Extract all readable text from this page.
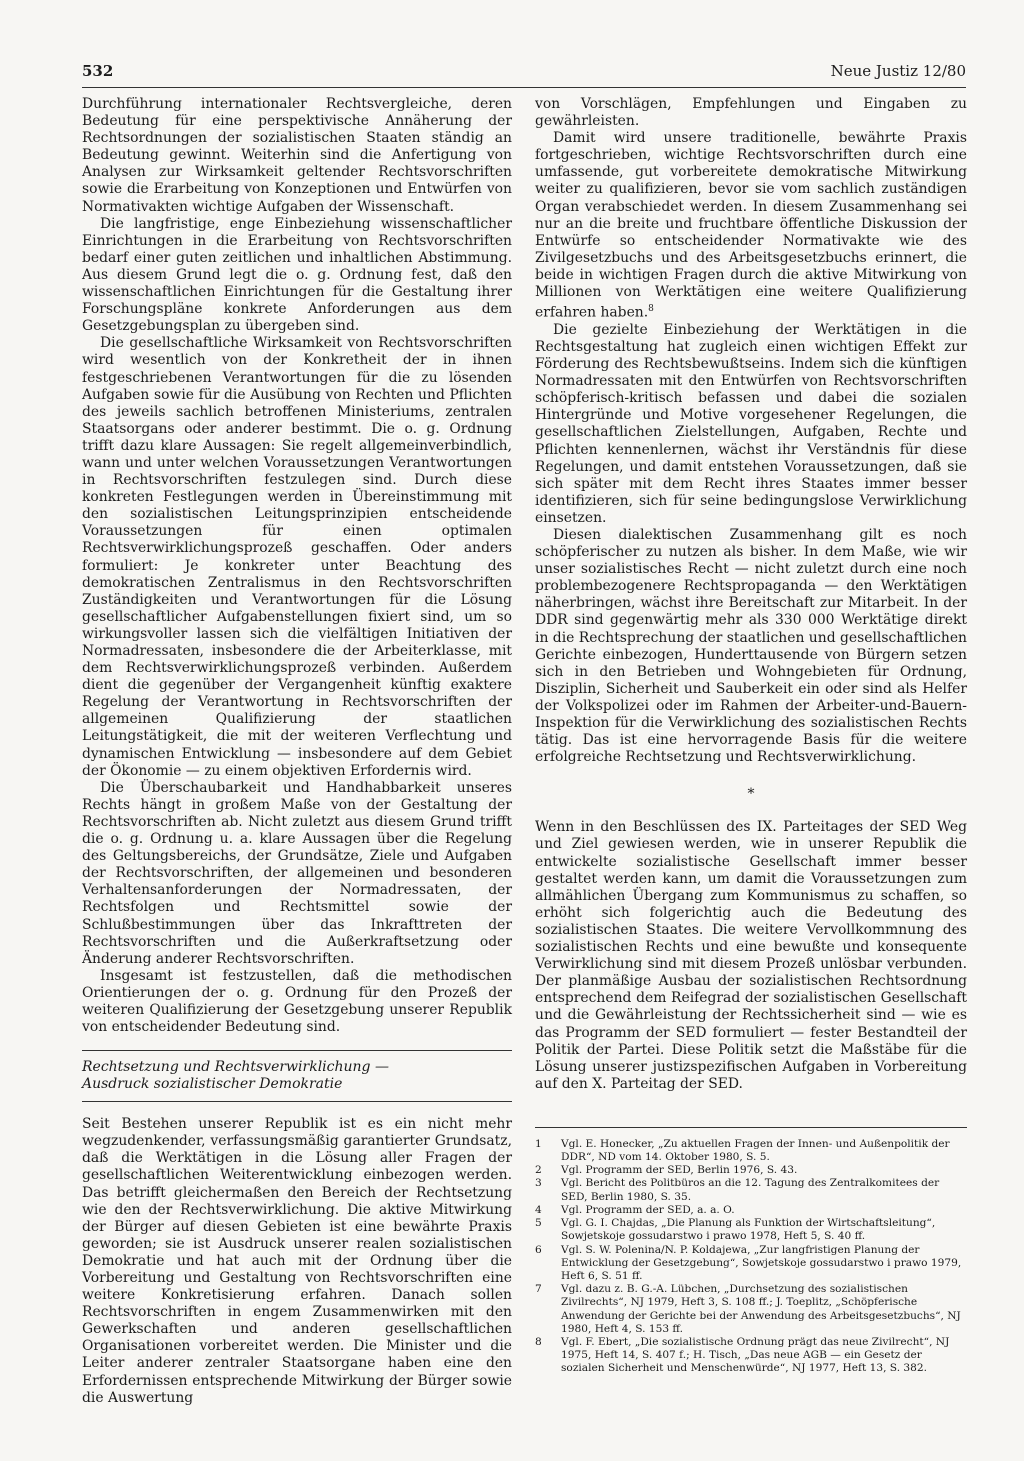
532	Neue Justiz 12/80

Durchführung internationaler Rechtsvergleiche, deren Bedeutung für eine perspektivische Annäherung der Rechtsordnungen der sozialistischen Staaten ständig an Bedeutung gewinnt. Weiterhin sind die Anfertigung von Analysen zur Wirksamkeit geltender Rechtsvorschriften sowie die Erarbeitung von Konzeptionen und Entwürfen von Normativakten wichtige Aufgaben der Wissenschaft.

Die langfristige, enge Einbeziehung wissenschaftlicher Einrichtungen in die Erarbeitung von Rechtsvorschriften bedarf einer guten zeitlichen und inhaltlichen Abstimmung. Aus diesem Grund legt die o. g. Ordnung fest, daß den wissenschaftlichen Einrichtungen für die Gestaltung ihrer Forschungspläne konkrete Anforderungen aus dem Gesetzgebungsplan zu übergeben sind.

Die gesellschaftliche Wirksamkeit von Rechtsvorschriften wird wesentlich von der Konkretheit der in ihnen festgeschriebenen Verantwortungen für die zu lösenden Aufgaben sowie für die Ausübung von Rechten und Pflichten des jeweils sachlich betroffenen Ministeriums, zentralen Staatsorgans oder anderer bestimmt. Die o. g. Ordnung trifft dazu klare Aussagen: Sie regelt allgemeinverbindlich, wann und unter welchen Voraussetzungen Verantwortungen in Rechtsvorschriften festzulegen sind. Durch diese konkreten Festlegungen werden in Übereinstimmung mit den sozialistischen Leitungsprinzipien entscheidende Voraussetzungen für einen optimalen Rechtsverwirklichungsprozeß geschaffen. Oder anders formuliert: Je konkreter unter Beachtung des demokratischen Zentralismus in den Rechtsvorschriften Zuständigkeiten und Verantwortungen für die Lösung gesellschaftlicher Aufgabenstellungen fixiert sind, um so wirkungsvoller lassen sich die vielfältigen Initiativen der Normadressaten, insbesondere die der Arbeiterklasse, mit dem Rechtsverwirklichungsprozeß verbinden. Außerdem dient die gegenüber der Vergangenheit künftig exaktere Regelung der Verantwortung in Rechtsvorschriften der allgemeinen Qualifizierung der staatlichen Leitungstätigkeit, die mit der weiteren Verflechtung und dynamischen Entwicklung — insbesondere auf dem Gebiet der Ökonomie — zu einem objektiven Erfordernis wird.

Die Überschaubarkeit und Handhabbarkeit unseres Rechts hängt in großem Maße von der Gestaltung der Rechtsvorschriften ab. Nicht zuletzt aus diesem Grund trifft die o. g. Ordnung u. a. klare Aussagen über die Regelung des Geltungsbereichs, der Grundsätze, Ziele und Aufgaben der Rechtsvorschriften, der allgemeinen und besonderen Verhaltensanforderungen der Normadressaten, der Rechtsfolgen und Rechtsmittel sowie der Schlußbestimmungen über das Inkrafttreten der Rechtsvorschriften und die Außerkraftsetzung oder Änderung anderer Rechtsvorschriften.

Insgesamt ist festzustellen, daß die methodischen Orientierungen der o. g. Ordnung für den Prozeß der weiteren Qualifizierung der Gesetzgebung unserer Republik von entscheidender Bedeutung sind.

Rechtsetzung und Rechtsverwirklichung —
Ausdruck sozialistischer Demokratie

Seit Bestehen unserer Republik ist es ein nicht mehr wegzudenkender, verfassungsmäßig garantierter Grundsatz, daß die Werktätigen in die Lösung aller Fragen der gesellschaftlichen Weiterentwicklung einbezogen werden. Das betrifft gleichermaßen den Bereich der Rechtsetzung wie den der Rechtsverwirklichung. Die aktive Mitwirkung der Bürger auf diesen Gebieten ist eine bewährte Praxis geworden; sie ist Ausdruck unserer realen sozialistischen Demokratie und hat auch mit der Ordnung über die Vorbereitung und Gestaltung von Rechtsvorschriften eine weitere Konkretisierung erfahren. Danach sollen Rechtsvorschriften in engem Zusammenwirken mit den Gewerkschaften und anderen gesellschaftlichen Organisationen vorbereitet werden. Die Minister und die Leiter anderer zentraler Staatsorgane haben eine den Erfordernissen entsprechende Mitwirkung der Bürger sowie die Auswertung

von Vorschlägen, Empfehlungen und Eingaben zu gewährleisten.

Damit wird unsere traditionelle, bewährte Praxis fortgeschrieben, wichtige Rechtsvorschriften durch eine umfassende, gut vorbereitete demokratische Mitwirkung weiter zu qualifizieren, bevor sie vom sachlich zuständigen Organ verabschiedet werden. In diesem Zusammenhang sei nur an die breite und fruchtbare öffentliche Diskussion der Entwürfe so entscheidender Normativakte wie des Zivilgesetzbuchs und des Arbeitsgesetzbuchs erinnert, die beide in wichtigen Fragen durch die aktive Mitwirkung von Millionen von Werktätigen eine weitere Qualifizierung erfahren haben.$^8$

Die gezielte Einbeziehung der Werktätigen in die Rechtsgestaltung hat zugleich einen wichtigen Effekt zur Förderung des Rechtsbewußtseins. Indem sich die künftigen Normadressaten mit den Entwürfen von Rechtsvorschriften schöpferisch-kritisch befassen und dabei die sozialen Hintergründe und Motive vorgesehener Regelungen, die gesellschaftlichen Zielstellungen, Aufgaben, Rechte und Pflichten kennenlernen, wächst ihr Verständnis für diese Regelungen, und damit entstehen Voraussetzungen, daß sie sich später mit dem Recht ihres Staates immer besser identifizieren, sich für seine bedingungslose Verwirklichung einsetzen.

Diesen dialektischen Zusammenhang gilt es noch schöpferischer zu nutzen als bisher. In dem Maße, wie wir unser sozialistisches Recht — nicht zuletzt durch eine noch problembezogenere Rechtspropaganda — den Werktätigen näherbringen, wächst ihre Bereitschaft zur Mitarbeit. In der DDR sind gegenwärtig mehr als 330 000 Werktätige direkt in die Rechtsprechung der staatlichen und gesellschaftlichen Gerichte einbezogen, Hunderttausende von Bürgern setzen sich in den Betrieben und Wohngebieten für Ordnung, Disziplin, Sicherheit und Sauberkeit ein oder sind als Helfer der Volkspolizei oder im Rahmen der Arbeiter-und-Bauern-Inspektion für die Verwirklichung des sozialistischen Rechts tätig. Das ist eine hervorragende Basis für die weitere erfolgreiche Rechtsetzung und Rechtsverwirklichung.

*

Wenn in den Beschlüssen des IX. Parteitages der SED Weg und Ziel gewiesen werden, wie in unserer Republik die entwickelte sozialistische Gesellschaft immer besser gestaltet werden kann, um damit die Voraussetzungen zum allmählichen Übergang zum Kommunismus zu schaffen, so erhöht sich folgerichtig auch die Bedeutung des sozialistischen Staates. Die weitere Vervollkommnung des sozialistischen Rechts und eine bewußte und konsequente Verwirklichung sind mit diesem Prozeß unlösbar verbunden. Der planmäßige Ausbau der sozialistischen Rechtsordnung entsprechend dem Reifegrad der sozialistischen Gesellschaft und die Gewährleistung der Rechtssicherheit sind — wie es das Programm der SED formuliert — fester Bestandteil der Politik der Partei. Diese Politik setzt die Maßstäbe für die Lösung unserer justizspezifischen Aufgaben in Vorbereitung auf den X. Parteitag der SED.

1	Vgl. E. Honecker, „Zu aktuellen Fragen der Innen- und Außenpolitik der DDR“, ND vom 14. Oktober 1980, S. 5.
2	Vgl. Programm der SED, Berlin 1976, S. 43.
3	Vgl. Bericht des Politbüros an die 12. Tagung des Zentralkomitees der SED, Berlin 1980, S. 35.
4	Vgl. Programm der SED, a. a. O.
5	Vgl. G. I. Chajdas, „Die Planung als Funktion der Wirtschaftsleitung“, Sowjetskoje gossudarstwo i prawo 1978, Heft 5, S. 40 ff.
6	Vgl. S. W. Polenina/N. P. Koldajewa, „Zur langfristigen Planung der Entwicklung der Gesetzgebung“, Sowjetskoje gossudarstwo i prawo 1979, Heft 6, S. 51 ff.
7	Vgl. dazu z. B. G.-A. Lübchen, „Durchsetzung des sozialistischen Zivilrechts“, NJ 1979, Heft 3, S. 108 ff.; J. Toeplitz, „Schöpferische Anwendung der Gerichte bei der Anwendung des Arbeitsgesetzbuchs“, NJ 1980, Heft 4, S. 153 ff.
8	Vgl. F. Ebert, „Die sozialistische Ordnung prägt das neue Zivilrecht“, NJ 1975, Heft 14, S. 407 f.; H. Tisch, „Das neue AGB — ein Gesetz der sozialen Sicherheit und Menschenwürde“, NJ 1977, Heft 13, S. 382.
